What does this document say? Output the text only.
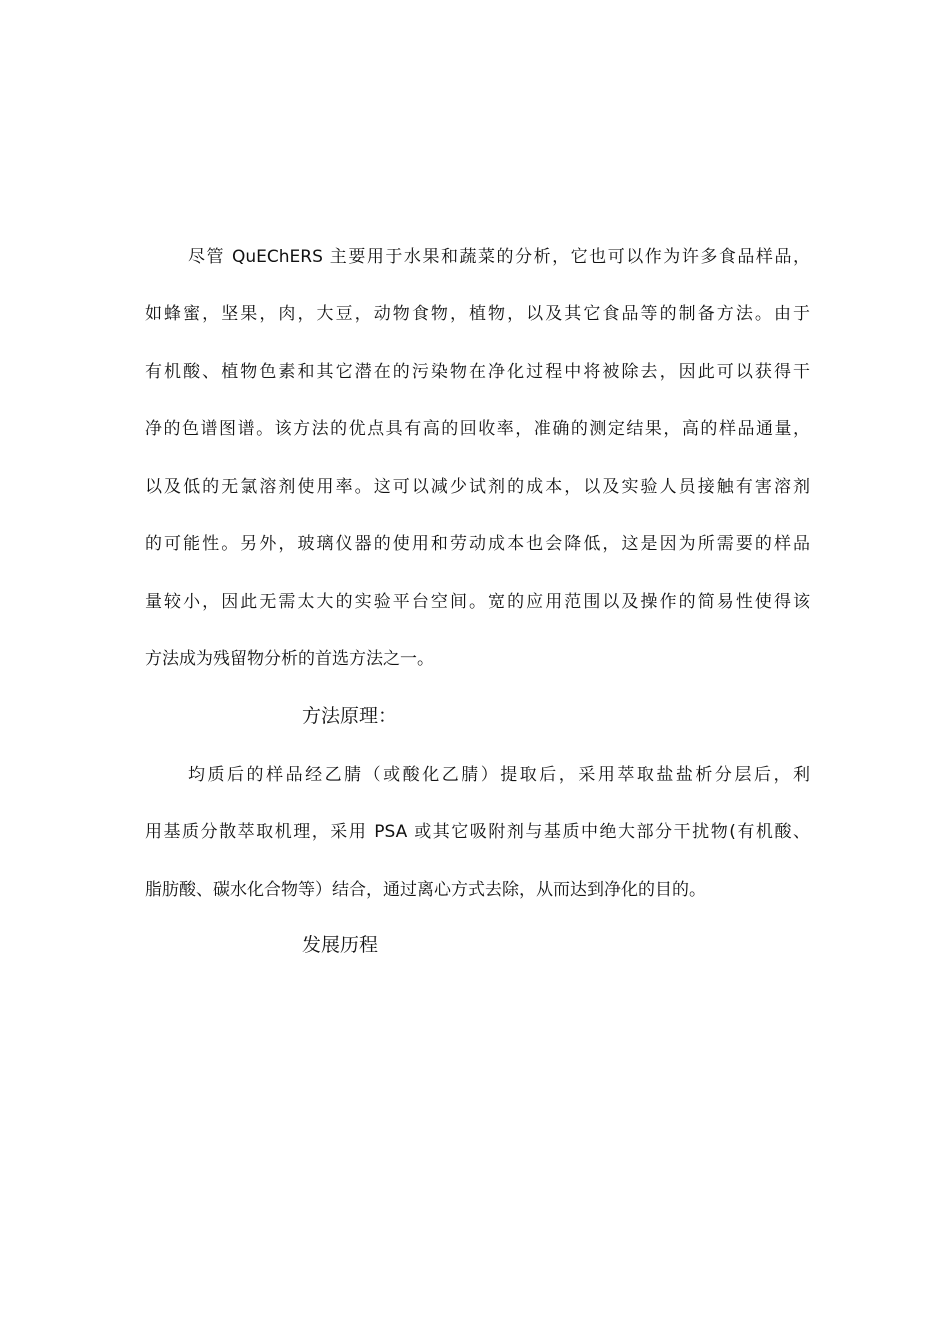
尽管 QuEChERS 主要用于水果和蔬菜的分析，它也可以作为许多食品样品，
如蜂蜜，坚果，肉，大豆，动物食物，植物，以及其它食品等的制备方法。由于
有机酸、植物色素和其它潜在的污染物在净化过程中将被除去，因此可以获得干
净的色谱图谱。该方法的优点具有高的回收率，准确的测定结果，高的样品通量，
以及低的无氯溶剂使用率。这可以减少试剂的成本，以及实验人员接触有害溶剂
的可能性。另外，玻璃仪器的使用和劳动成本也会降低，这是因为所需要的样品
量较小，因此无需太大的实验平台空间。宽的应用范围以及操作的简易性使得该
方法成为残留物分析的首选方法之一。
方法原理：
均质后的样品经乙腈（或酸化乙腈）提取后，采用萃取盐盐析分层后，利
用基质分散萃取机理，采用 PSA 或其它吸附剂与基质中绝大部分干扰物(有机酸、
脂肪酸、碳水化合物等）结合，通过离心方式去除，从而达到净化的目的。
发展历程
